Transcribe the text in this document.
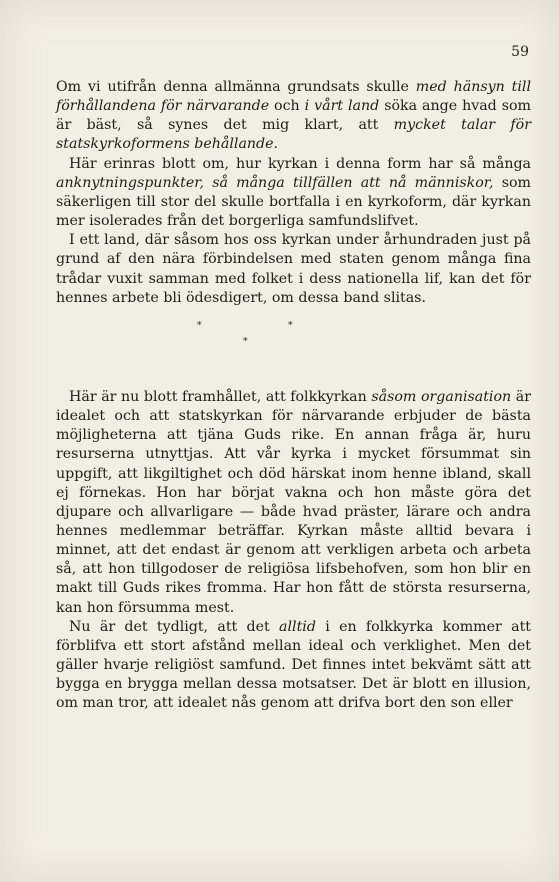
59

Om vi utifrån denna allmänna grundsats skulle med hänsyn till förhållandena för närvarande och i vårt land söka ange hvad som är bäst, så synes det mig klart, att mycket talar för statskyrkoformens behållande.

Här erinras blott om, hur kyrkan i denna form har så många anknytningspunkter, så många tillfällen att nå människor, som säkerligen till stor del skulle bortfalla i en kyrkoform, där kyrkan mer isolerades från det borgerliga samfundslifvet.

I ett land, där såsom hos oss kyrkan under århundraden just på grund af den nära förbindelsen med staten genom många fina trådar vuxit samman med folket i dess nationella lif, kan det för hennes arbete bli ödesdigert, om dessa band slitas.

*	*
*

Här är nu blott framhållet, att folkkyrkan såsom organisation är idealet och att statskyrkan för närvarande erbjuder de bästa möjligheterna att tjäna Guds rike. En annan fråga är, huru resurserna utnyttjas. Att vår kyrka i mycket försummat sin uppgift, att likgiltighet och död härskat inom henne ibland, skall ej förnekas. Hon har börjat vakna och hon måste göra det djupare och allvarligare — både hvad präster, lärare och andra hennes medlemmar beträffar. Kyrkan måste alltid bevara i minnet, att det endast är genom att verkligen arbeta och arbeta så, att hon tillgodoser de religiösa lifsbehofven, som hon blir en makt till Guds rikes fromma. Har hon fått de största resurserna, kan hon försumma mest.

Nu är det tydligt, att det alltid i en folkkyrka kommer att förblifva ett stort afstånd mellan ideal och verklighet. Men det gäller hvarje religiöst samfund. Det finnes intet bekvämt sätt att bygga en brygga mellan dessa motsatser. Det är blott en illusion, om man tror, att idealet nås genom att drifva bort den son eller
